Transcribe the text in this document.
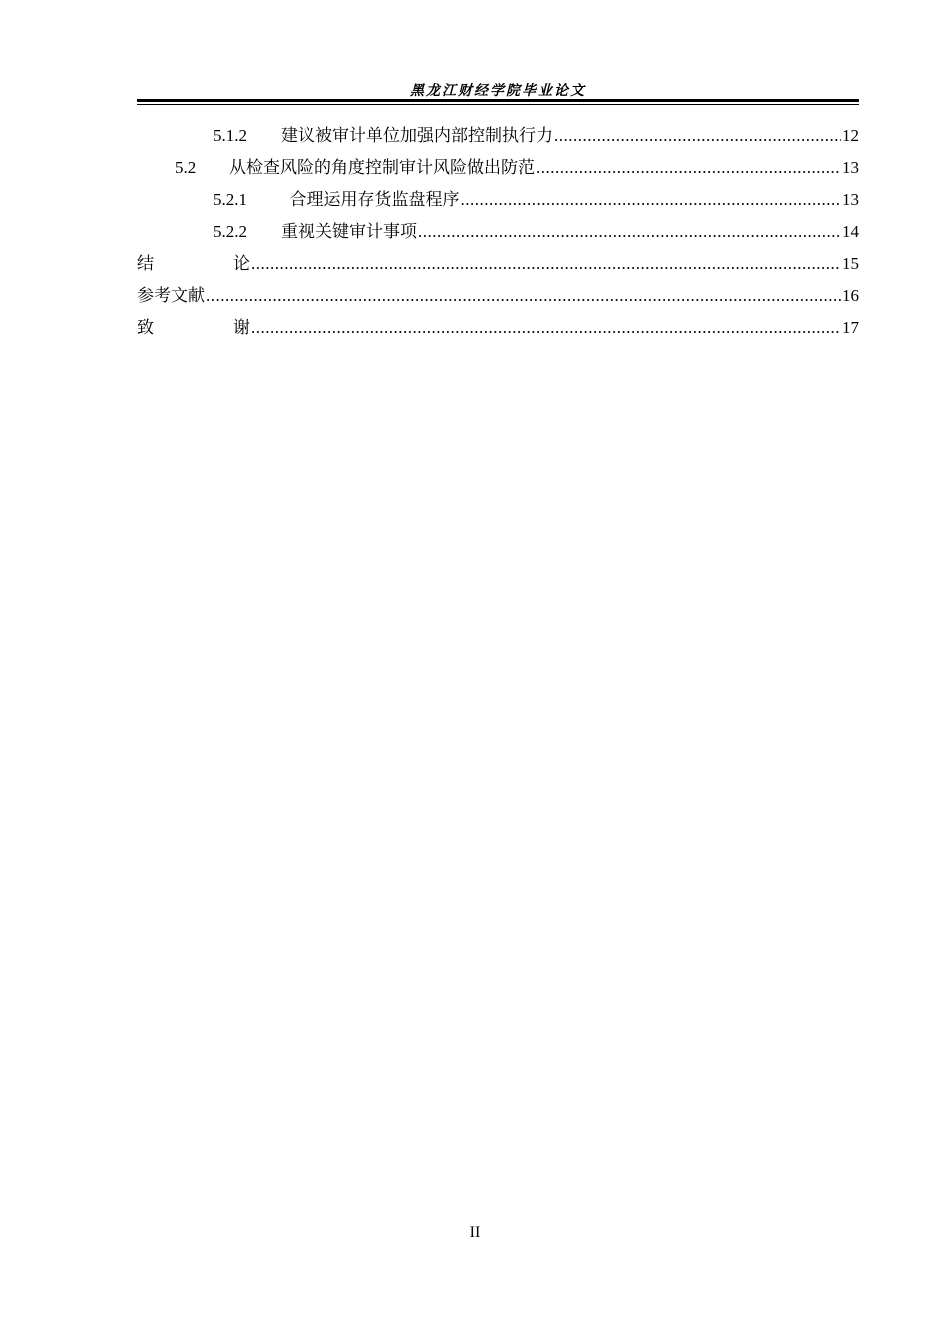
黑龙江财经学院毕业论文
5.1.2	建议被审计单位加强内部控制执行力 .....	12
5.2	从检查风险的角度控制审计风险做出防范 .....	13
5.2.1	合理运用存货监盘程序 .....	13
5.2.2	重视关键审计事项 .....	14
结论 .....	15
参考文献 .....	16
致谢 .....	17
II
